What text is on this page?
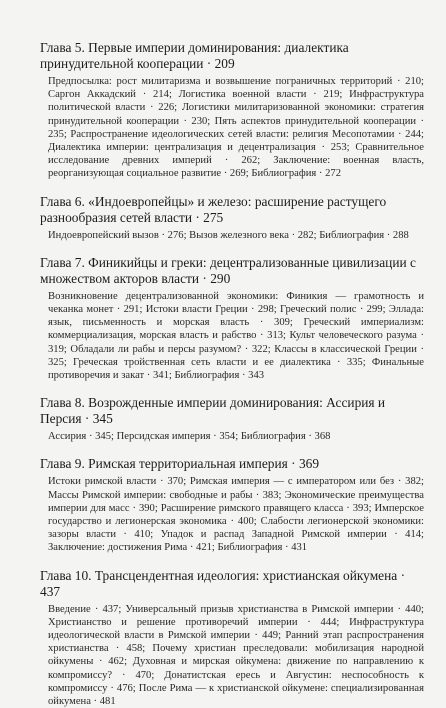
Глава 5. Первые империи доминирования: диалектика принудительной кооперации · 209

Предпосылка: рост милитаризма и возвышение пограничных территорий · 210; Саргон Аккадский · 214; Логистика военной власти · 219; Инфраструктура политической власти · 226; Логистики милитаризованной экономики: стратегия принудительной кооперации · 230; Пять аспектов принудительной кооперации · 235; Распространение идеологических сетей власти: религия Месопотамии · 244; Диалектика империи: централизация и децентрализация · 253; Сравнительное исследование древних империй · 262; Заключение: военная власть, реорганизующая социальное развитие · 269; Библиография · 272

Глава 6. «Индоевропейцы» и железо: расширение растущего разнообразия сетей власти · 275

Индоевропейский вызов · 276; Вызов железного века · 282; Библиография · 288

Глава 7. Финикийцы и греки: децентрализованные цивилизации с множеством акторов власти · 290

Возникновение децентрализованной экономики: Финикия — грамотность и чеканка монет · 291; Истоки власти Греции · 298; Греческий полис · 299; Эллада: язык, письменность и морская власть · 309; Греческий империализм: коммерциализация, морская власть и рабство · 313; Культ человеческого разума · 319; Обладали ли рабы и персы разумом? · 322; Классы в классической Греции · 325; Греческая тройственная сеть власти и ее диалектика · 335; Финальные противоречия и закат · 341; Библиография · 343

Глава 8. Возрожденные империи доминирования: Ассирия и Персия · 345

Ассирия · 345; Персидская империя · 354; Библиография · 368

Глава 9. Римская территориальная империя · 369

Истоки римской власти · 370; Римская империя — с императором или без · 382; Массы Римской империи: свободные и рабы · 383; Экономические преимущества империи для масс · 390; Расширение римского правящего класса · 393; Имперское государство и легионерская экономика · 400; Слабости легионерской экономики: зазоры власти · 410; Упадок и распад Западной Римской империи · 414; Заключение: достижения Рима · 421; Библиография · 431

Глава 10. Трансцендентная идеология: христианская ойкумена · 437

Введение · 437; Универсальный призыв христианства в Римской империи · 440; Христианство и решение противоречий империи · 444; Инфраструктура идеологической власти в Римской империи · 449; Ранний этап распространения христианства · 458; Почему христиан преследовали: мобилизация народной ойкумены · 462; Духовная и мирская ойкумена: движение по направлению к компромиссу? · 470; Донатистская ересь и Августин: неспособность к компромиссу · 476; После Рима — к христианской ойкумене: специализированная ойкумена · 481
